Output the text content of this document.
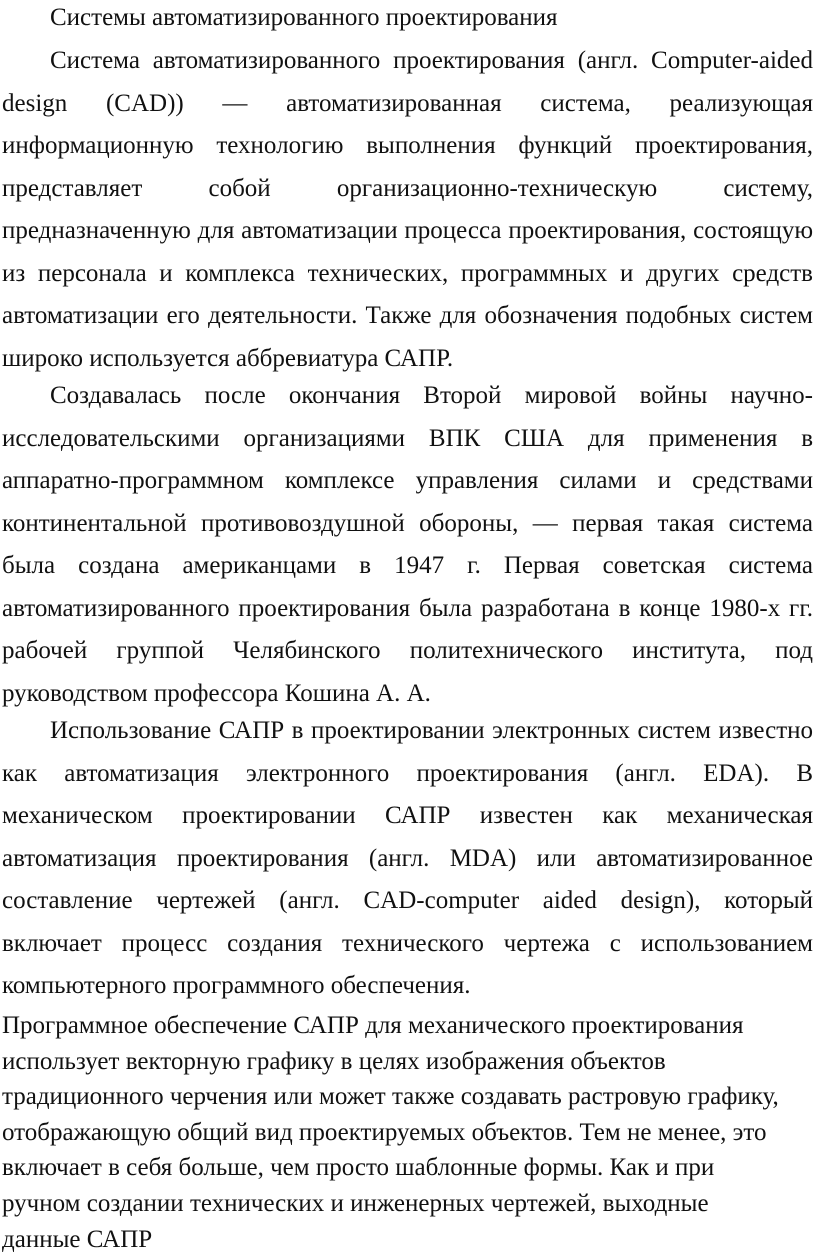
Системы автоматизированного проектирования

Система автоматизированного проектирования (англ. Computer-aided design (CAD)) — автоматизированная система, реализующая информационную технологию выполнения функций проектирования, представляет собой организационно-техническую систему, предназначенную для автоматизации процесса проектирования, состоящую из персонала и комплекса технических, программных и других средств автоматизации его деятельности. Также для обозначения подобных систем широко используется аббревиатура САПР.

Создавалась после окончания Второй мировой войны научно-исследовательскими организациями ВПК США для применения в аппаратно-программном комплексе управления силами и средствами континентальной противовоздушной обороны, — первая такая система была создана американцами в 1947 г. Первая советская система автоматизированного проектирования была разработана в конце 1980-х гг. рабочей группой Челябинского политехнического института, под руководством профессора Кошина А. А.

Использование САПР в проектировании электронных систем известно как автоматизация электронного проектирования (англ. EDA). В механическом проектировании САПР известен как механическая автоматизация проектирования (англ. MDA) или автоматизированное составление чертежей (англ. CAD-computer aided design), который включает процесс создания технического чертежа с использованием компьютерного программного обеспечения.

Программное обеспечение САПР для механического проектирования использует векторную графику в целях изображения объектов традиционного черчения или может также создавать растровую графику, отображающую общий вид проектируемых объектов. Тем не менее, это включает в себя больше, чем просто шаблонные формы. Как и при ручном создании технических и инженерных чертежей, выходные данные САПР
